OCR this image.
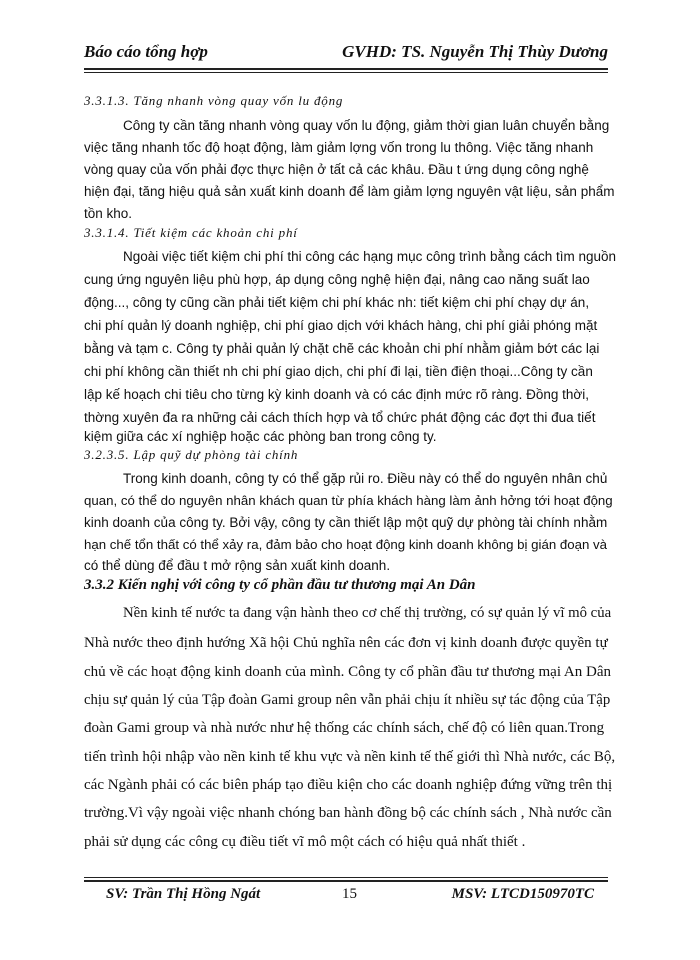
Báo cáo tổng hợp	GVHD: TS. Nguyễn Thị Thùy Dương
3.3.1.3. Tăng nhanh vòng quay vốn lu động
Công ty cần tăng nhanh vòng quay vốn lu động, giảm thời gian luân chuyển bằng
việc tăng nhanh tốc độ hoạt động, làm giảm lợng vốn trong lu thông. Việc tăng nhanh
vòng quay của vốn phải đợc thực hiện ở tất cả các khâu. Đầu t ứng dụng công nghệ
hiện đại, tăng hiệu quả sản xuất kinh doanh để làm giảm lợng nguyên vật liệu, sản phẩm
tồn kho.
3.3.1.4. Tiết kiệm các khoản chi phí
Ngoài việc tiết kiệm chi phí thi công các hạng mục công trình bằng cách tìm nguồn
cung ứng nguyên liệu phù hợp, áp dụng công nghệ hiện đại, nâng cao năng suất lao
động..., công ty cũng cần phải tiết kiệm chi phí khác nh: tiết kiệm chi phí chạy dự án,
chi phí quản lý doanh nghiệp, chi phí giao dịch với khách hàng, chi phí giải phóng mặt
bằng và tạm c. Công ty phải quản lý chặt chẽ các khoản chi phí nhằm giảm bớt các lại
chi phí không cần thiết nh chi phí giao dịch, chi phí đi lại, tiền điện thoại...Công ty cần
lập kế hoạch chi tiêu cho từng kỳ kinh doanh và có các định mức rõ ràng. Đồng thời,
thờng xuyên đa ra những cải cách thích hợp và tổ chức phát động các đợt thi đua tiết
kiệm giữa các xí nghiệp hoặc các phòng ban trong công ty.
3.2.3.5. Lập quỹ dự phòng tài chính
Trong kinh doanh, công ty có thể gặp rủi ro. Điều này có thể do nguyên nhân chủ
quan, có thể do nguyên nhân khách quan từ phía khách hàng làm ảnh hởng tới hoạt động
kinh doanh của công ty. Bởi vậy, công ty cần thiết lập một quỹ dự phòng tài chính nhằm
hạn chế tổn thất có thể xảy ra, đảm bảo cho hoạt động kinh doanh không bị gián đoạn và
có thể dùng để đầu t mở rộng sản xuất kinh doanh.
3.3.2 Kiến nghị với công ty cổ phần đầu tư thương mại An Dân
Nền kinh tế nước ta đang vận hành theo cơ chế thị trường, có sự quản lý vĩ mô của
Nhà nước theo định hướng Xã hội Chủ nghĩa nên các đơn vị kinh doanh được quyền tự
chủ về các hoạt động kinh doanh của mình. Công ty cổ phần đầu tư thương mại An Dân
chịu sự quản lý của Tập đoàn Gami group nên vẫn phải chịu ít nhiều sự tác động của Tập
đoàn Gami group và nhà nước như hệ thống các chính sách, chế độ có liên quan.Trong
tiến trình hội nhập vào nền kinh tế khu vực và nền kinh tế thế giới thì Nhà nước, các Bộ,
các Ngành phải có các biên pháp tạo điều kiện cho các doanh nghiệp đứng vững trên thị
trường.Vì vậy ngoài việc nhanh chóng ban hành đồng bộ các chính sách , Nhà nước cần
phải sử dụng các công cụ điều tiết vĩ mô một cách có hiệu quả nhất thiết .
SV: Trần Thị Hồng Ngát	15	MSV: LTCD150970TC
